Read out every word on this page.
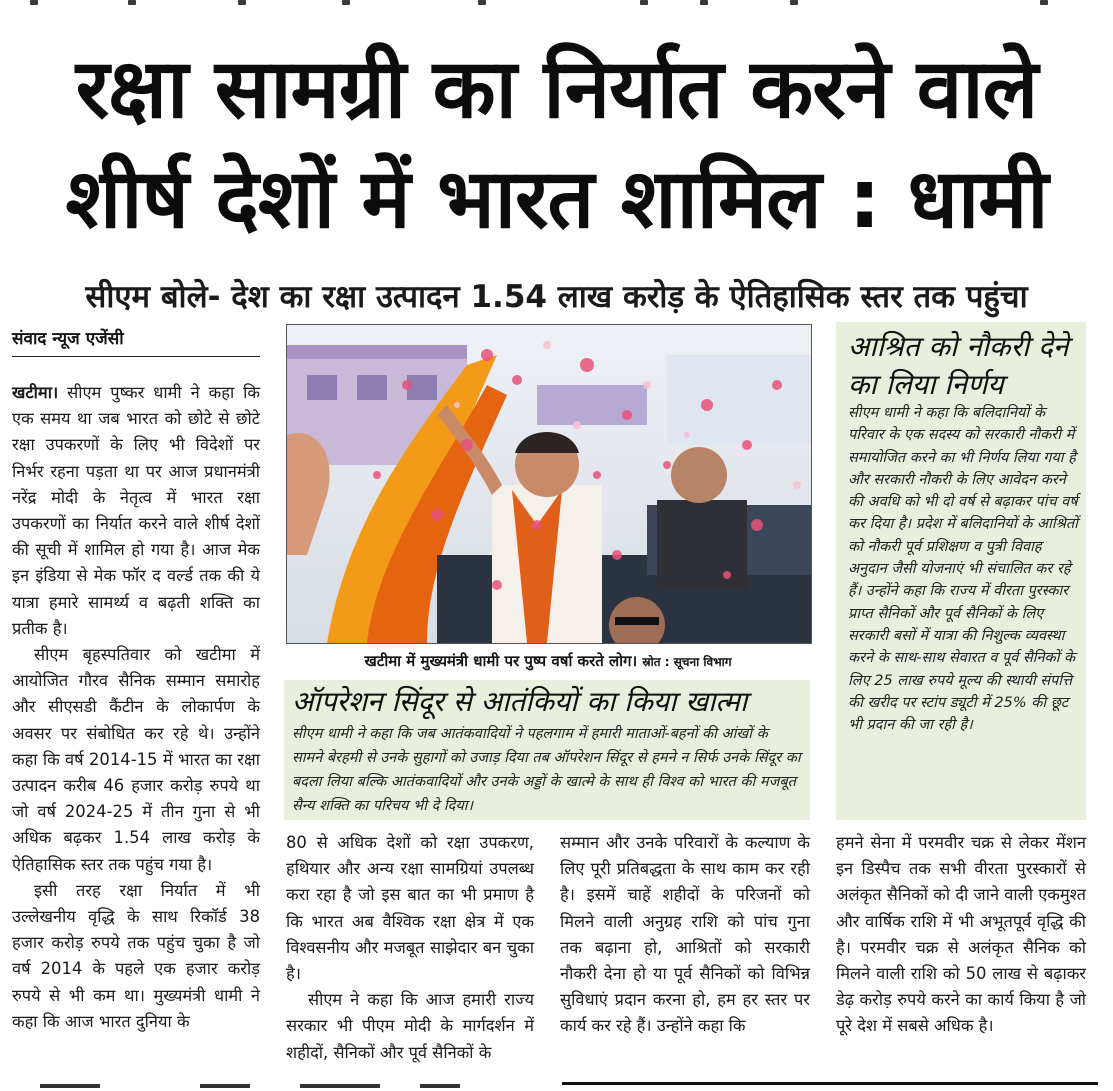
रक्षा सामग्री का निर्यात करने वाले
शीर्ष देशों में भारत शामिल : धामी
सीएम बोले- देश का रक्षा उत्पादन 1.54 लाख करोड़ के ऐतिहासिक स्तर तक पहुंचा
संवाद न्यूज एजेंसी

खटीमा। सीएम पुष्कर धामी ने कहा कि एक समय था जब भारत को छोटे से छोटे रक्षा उपकरणों के लिए भी विदेशों पर निर्भर रहना पड़ता था पर आज प्रधानमंत्री नरेंद्र मोदी के नेतृत्व में भारत रक्षा उपकरणों का निर्यात करने वाले शीर्ष देशों की सूची में शामिल हो गया है। आज मेक इन इंडिया से मेक फॉर द वर्ल्ड तक की ये यात्रा हमारे सामर्थ्य व बढ़ती शक्ति का प्रतीक है।

सीएम बृहस्पतिवार को खटीमा में आयोजित गौरव सैनिक सम्मान समारोह और सीएसडी कैंटीन के लोकार्पण के अवसर पर संबोधित कर रहे थे। उन्होंने कहा कि वर्ष 2014-15 में भारत का रक्षा उत्पादन करीब 46 हजार करोड़ रुपये था जो वर्ष 2024-25 में तीन गुना से भी अधिक बढ़कर 1.54 लाख करोड़ के ऐतिहासिक स्तर तक पहुंच गया है।

इसी तरह रक्षा निर्यात में भी उल्लेखनीय वृद्धि के साथ रिकॉर्ड 38 हजार करोड़ रुपये तक पहुंच चुका है जो वर्ष 2014 के पहले एक हजार करोड़ रुपये से भी कम था। मुख्यमंत्री धामी ने कहा कि आज भारत दुनिया के

खटीमा में मुख्यमंत्री धामी पर पुष्प वर्षा करते लोग। स्रोत : सूचना विभाग
ऑपरेशन सिंदूर से आतंकियों का किया खात्मा
सीएम धामी ने कहा कि जब आतंकवादियों ने पहलगाम में हमारी माताओं-बहनों की आंखों के सामने बेरहमी से उनके सुहागों को उजाड़ दिया तब ऑपरेशन सिंदूर से हमने न सिर्फ उनके सिंदूर का बदला लिया बल्कि आतंकवादियों और उनके अड्डों के खात्मे के साथ ही विश्व को भारत की मजबूत सैन्य शक्ति का परिचय भी दे दिया।
आश्रित को नौकरी देने का लिया निर्णय
सीएम धामी ने कहा कि बलिदानियों के परिवार के एक सदस्य को सरकारी नौकरी में समायोजित करने का भी निर्णय लिया गया है और सरकारी नौकरी के लिए आवेदन करने की अवधि को भी दो वर्ष से बढ़ाकर पांच वर्ष कर दिया है। प्रदेश में बलिदानियों के आश्रितों को नौकरी पूर्व प्रशिक्षण व पुत्री विवाह अनुदान जैसी योजनाएं भी संचालित कर रहे हैं। उन्होंने कहा कि राज्य में वीरता पुरस्कार प्राप्त सैनिकों और पूर्व सैनिकों के लिए सरकारी बसों में यात्रा की निशुल्क व्यवस्था करने के साथ-साथ सेवारत व पूर्व सैनिकों के लिए 25 लाख रुपये मूल्य की स्थायी संपत्ति की खरीद पर स्टांप ड्यूटी में 25% की छूट भी प्रदान की जा रही है।

80 से अधिक देशों को रक्षा उपकरण, हथियार और अन्य रक्षा सामग्रियां उपलब्ध करा रहा है जो इस बात का भी प्रमाण है कि भारत अब वैश्विक रक्षा क्षेत्र में एक विश्वसनीय और मजबूत साझेदार बन चुका है।

सीएम ने कहा कि आज हमारी राज्य सरकार भी पीएम मोदी के मार्गदर्शन में शहीदों, सैनिकों और पूर्व सैनिकों के

सम्मान और उनके परिवारों के कल्याण के लिए पूरी प्रतिबद्धता के साथ काम कर रही है। इसमें चाहें शहीदों के परिजनों को मिलने वाली अनुग्रह राशि को पांच गुना तक बढ़ाना हो, आश्रितों को सरकारी नौकरी देना हो या पूर्व सैनिकों को विभिन्न सुविधाएं प्रदान करना हो, हम हर स्तर पर कार्य कर रहे हैं। उन्होंने कहा कि

हमने सेना में परमवीर चक्र से लेकर मेंशन इन डिस्पैच तक सभी वीरता पुरस्कारों से अलंकृत सैनिकों को दी जाने वाली एकमुश्त और वार्षिक राशि में भी अभूतपूर्व वृद्धि की है। परमवीर चक्र से अलंकृत सैनिक को मिलने वाली राशि को 50 लाख से बढ़ाकर डेढ़ करोड़ रुपये करने का कार्य किया है जो पूरे देश में सबसे अधिक है।
